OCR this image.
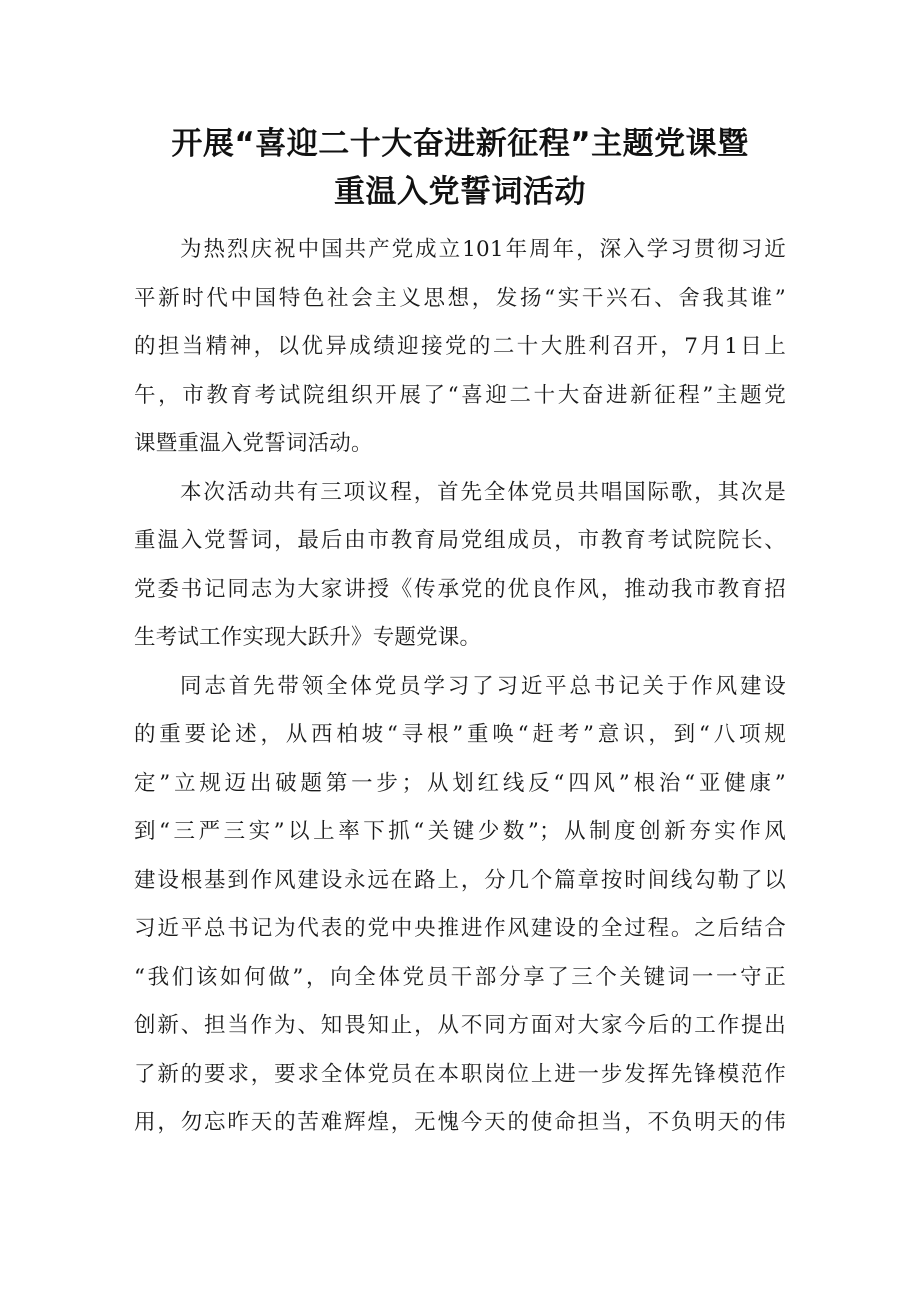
开展“喜迎二十大奋进新征程”主题党课暨
重温入党誓词活动
为热烈庆祝中国共产党成立101年周年，深入学习贯彻习近
平新时代中国特色社会主义思想，发扬“实干兴石、舍我其谁”
的担当精神，以优异成绩迎接党的二十大胜利召开，7月1日上
午，市教育考试院组织开展了“喜迎二十大奋进新征程”主题党
课暨重温入党誓词活动。
本次活动共有三项议程，首先全体党员共唱国际歌，其次是
重温入党誓词，最后由市教育局党组成员，市教育考试院院长、
党委书记同志为大家讲授《传承党的优良作风，推动我市教育招
生考试工作实现大跃升》专题党课。
同志首先带领全体党员学习了习近平总书记关于作风建设
的重要论述，从西柏坡“寻根”重唤“赶考”意识，到“八项规
定”立规迈出破题第一步；从划红线反“四风”根治“亚健康”
到“三严三实”以上率下抓“关键少数”；从制度创新夯实作风
建设根基到作风建设永远在路上，分几个篇章按时间线勾勒了以
习近平总书记为代表的党中央推进作风建设的全过程。之后结合
“我们该如何做”，向全体党员干部分享了三个关键词一一守正
创新、担当作为、知畏知止，从不同方面对大家今后的工作提出
了新的要求，要求全体党员在本职岗位上进一步发挥先锋模范作
用，勿忘昨天的苦难辉煌，无愧今天的使命担当，不负明天的伟
